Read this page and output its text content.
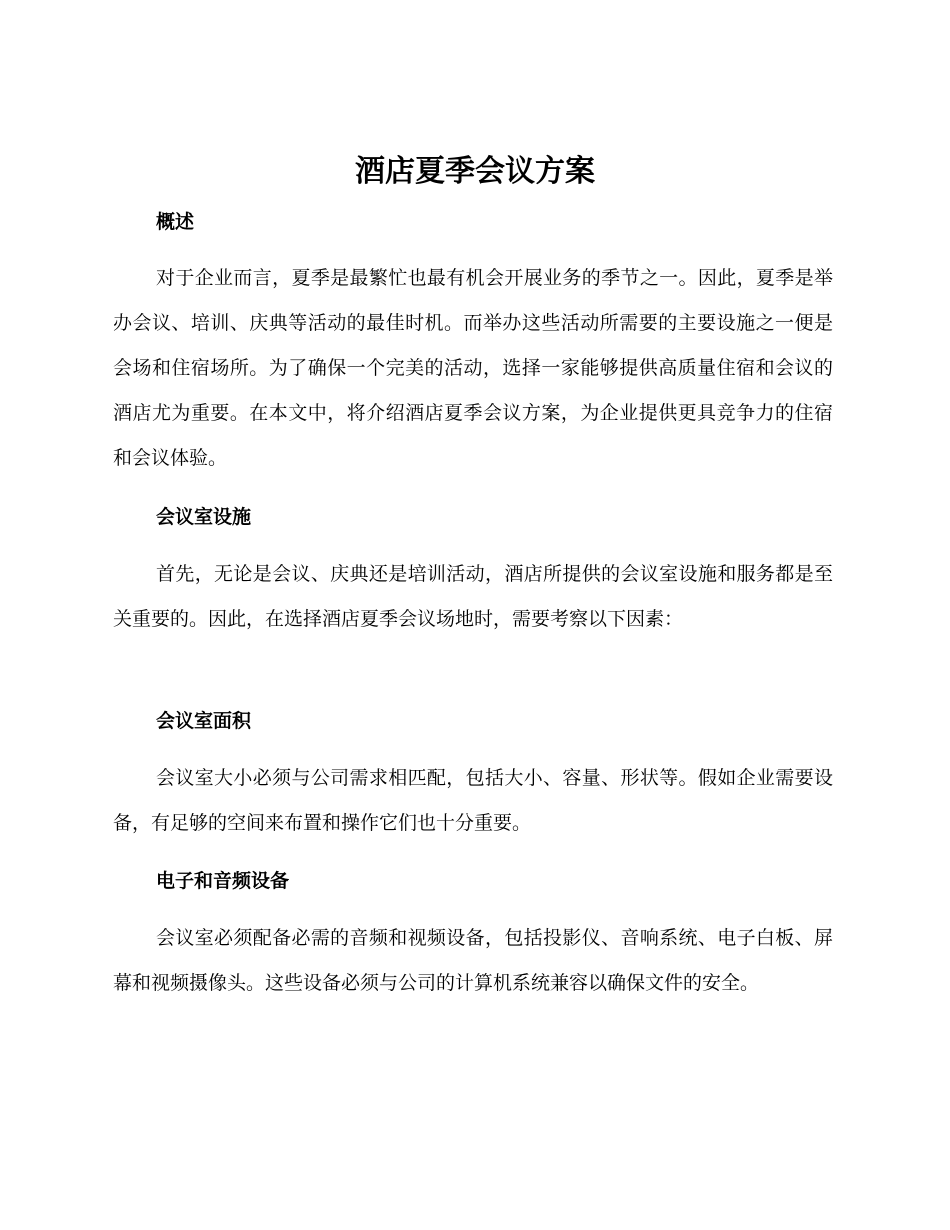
酒店夏季会议方案
概述

对于企业而言，夏季是最繁忙也最有机会开展业务的季节之一。因此，夏季是举办会议、培训、庆典等活动的最佳时机。而举办这些活动所需要的主要设施之一便是会场和住宿场所。为了确保一个完美的活动，选择一家能够提供高质量住宿和会议的酒店尤为重要。在本文中，将介绍酒店夏季会议方案，为企业提供更具竞争力的住宿和会议体验。

会议室设施

首先，无论是会议、庆典还是培训活动，酒店所提供的会议室设施和服务都是至关重要的。因此，在选择酒店夏季会议场地时，需要考察以下因素：

会议室面积

会议室大小必须与公司需求相匹配，包括大小、容量、形状等。假如企业需要设备，有足够的空间来布置和操作它们也十分重要。

电子和音频设备

会议室必须配备必需的音频和视频设备，包括投影仪、音响系统、电子白板、屏幕和视频摄像头。这些设备必须与公司的计算机系统兼容以确保文件的安全。
